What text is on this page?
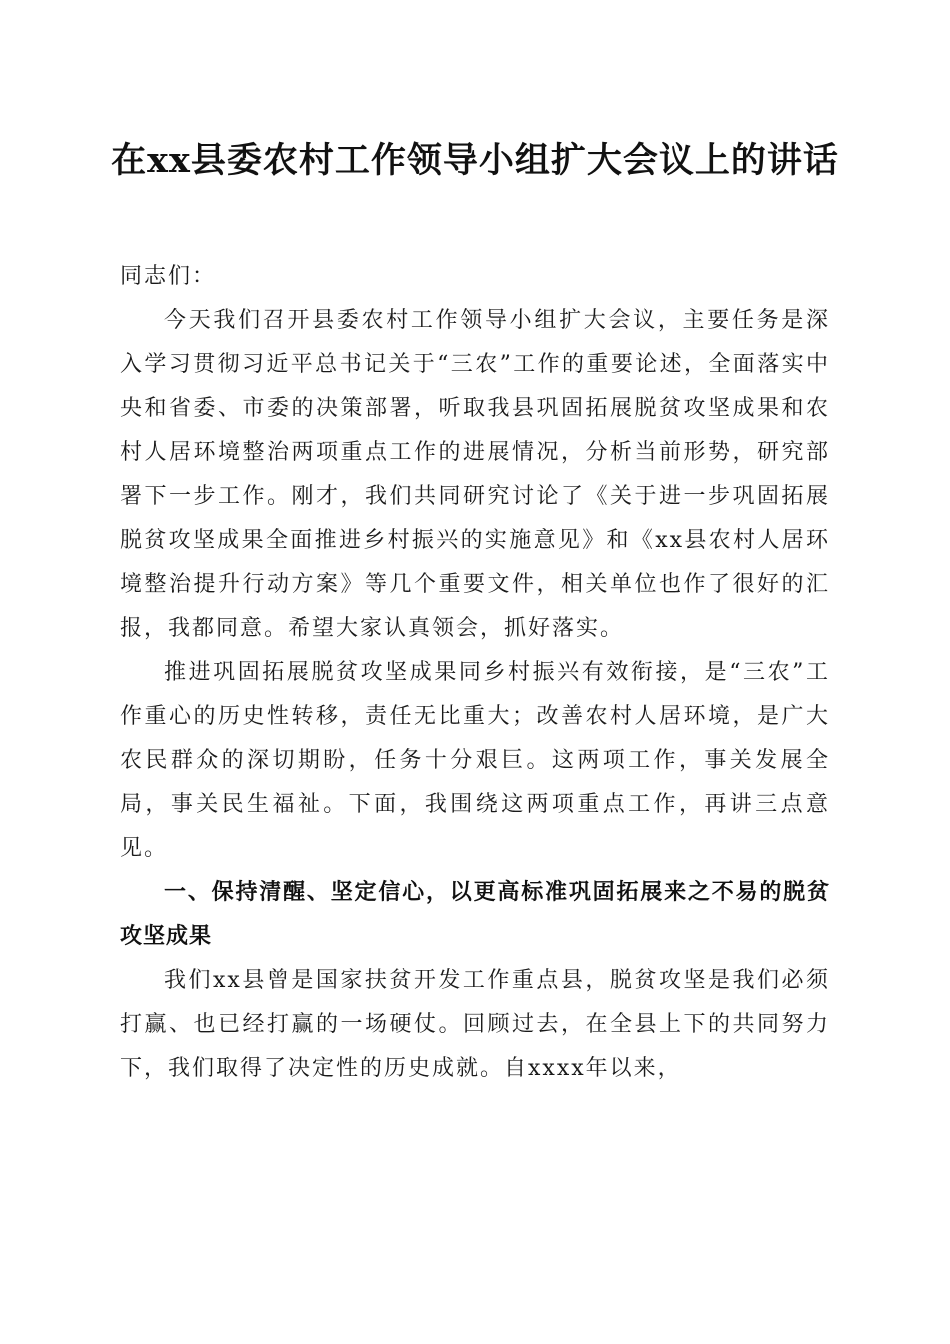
在xx县委农村工作领导小组扩大会议上的讲话

同志们：

今天我们召开县委农村工作领导小组扩大会议，主要任务是深入学习贯彻习近平总书记关于“三农”工作的重要论述，全面落实中央和省委、市委的决策部署，听取我县巩固拓展脱贫攻坚成果和农村人居环境整治两项重点工作的进展情况，分析当前形势，研究部署下一步工作。刚才，我们共同研究讨论了《关于进一步巩固拓展脱贫攻坚成果全面推进乡村振兴的实施意见》和《xx县农村人居环境整治提升行动方案》等几个重要文件，相关单位也作了很好的汇报，我都同意。希望大家认真领会，抓好落实。

推进巩固拓展脱贫攻坚成果同乡村振兴有效衔接，是“三农”工作重心的历史性转移，责任无比重大；改善农村人居环境，是广大农民群众的深切期盼，任务十分艰巨。这两项工作，事关发展全局，事关民生福祉。下面，我围绕这两项重点工作，再讲三点意见。

一、保持清醒、坚定信心，以更高标准巩固拓展来之不易的脱贫攻坚成果

我们xx县曾是国家扶贫开发工作重点县，脱贫攻坚是我们必须打赢、也已经打赢的一场硬仗。回顾过去，在全县上下的共同努力下，我们取得了决定性的历史成就。自xxxx年以来，
